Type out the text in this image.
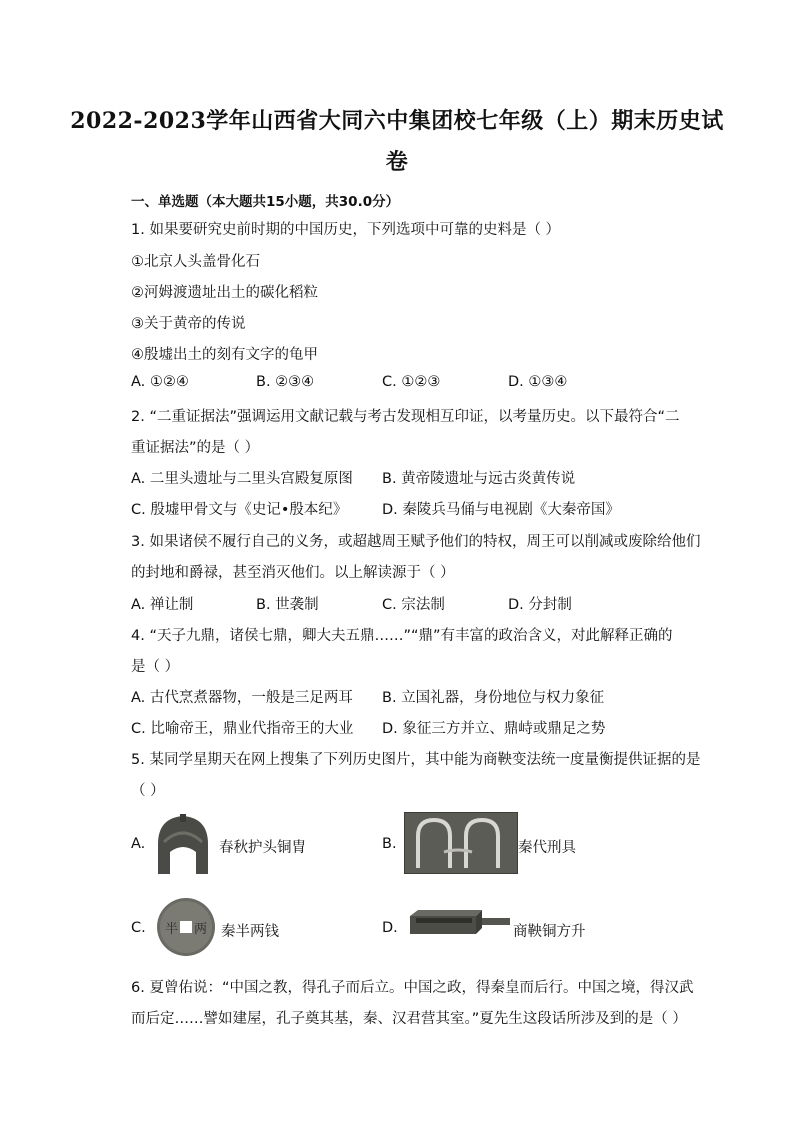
2022-2023学年山西省大同六中集团校七年级（上）期末历史试
卷
一、单选题（本大题共15小题，共30.0分）
1. 如果要研究史前时期的中国历史，下列选项中可靠的史料是（ ）
①北京人头盖骨化石
②河姆渡遗址出土的碳化稻粒
③关于黄帝的传说
④殷墟出土的刻有文字的龟甲
A. ①②④	B. ②③④	C. ①②③	D. ①③④
2. “二重证据法”强调运用文献记载与考古发现相互印证，以考量历史。以下最符合“二
重证据法”的是（ ）
A. 二里头遗址与二里头宫殿复原图 B. 黄帝陵遗址与远古炎黄传说
C. 殷墟甲骨文与《史记•殷本纪》 D. 秦陵兵马俑与电视剧《大秦帝国》
3. 如果诸侯不履行自己的义务，或超越周王赋予他们的特权，周王可以削减或废除给他们
的封地和爵禄，甚至消灭他们。以上解读源于（ ）
A. 禅让制	B. 世袭制	C. 宗法制	D. 分封制
4. “天子九鼎，诸侯七鼎，卿大夫五鼎……”“鼎”有丰富的政治含义，对此解释正确的
是（ ）
A. 古代烹煮器物，一般是三足两耳 B. 立国礼器，身份地位与权力象征
C. 比喻帝王，鼎业代指帝王的大业 D. 象征三方并立、鼎峙或鼎足之势
5. 某同学星期天在网上搜集了下列历史图片，其中能为商鞅变法统一度量衡提供证据的是
（ ）
A.	春秋护头铜胄	B.	秦代刑具
C. 半 两 秦半两钱	D.	商鞅铜方升
6. 夏曾佑说：“中国之教，得孔子而后立。中国之政，得秦皇而后行。中国之境，得汉武
而后定……譬如建屋，孔子奠其基，秦、汉君营其室。”夏先生这段话所涉及到的是（ ）
